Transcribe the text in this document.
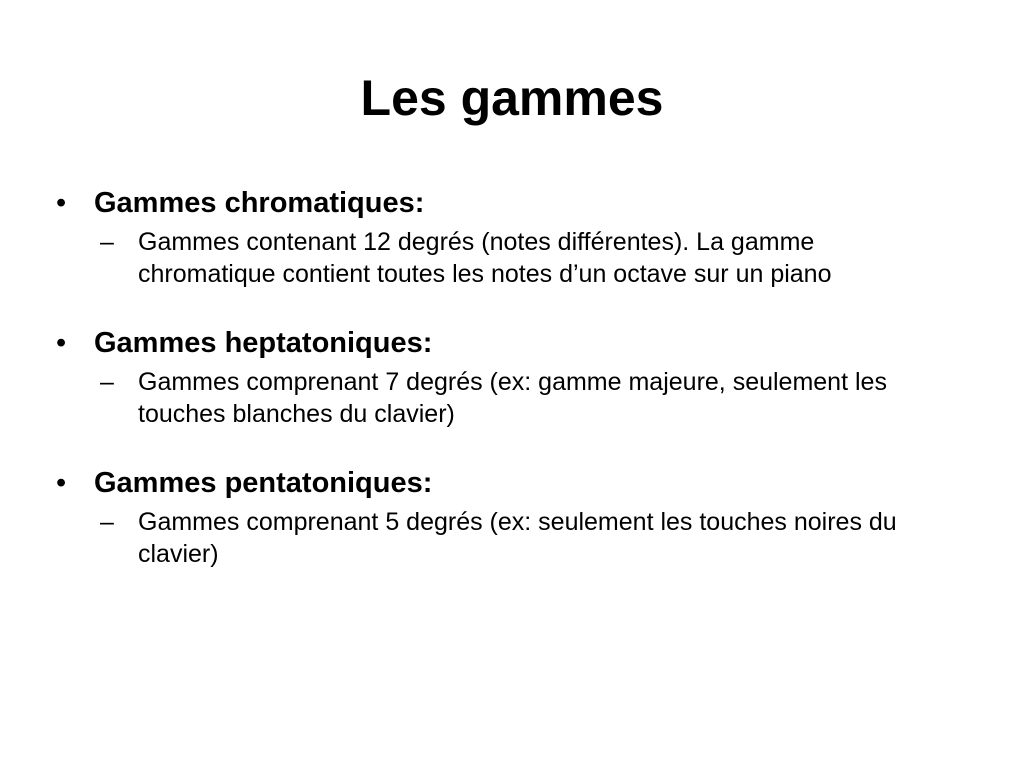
Les gammes
• Gammes chromatiques:
– Gammes contenant 12 degrés (notes différentes). La gamme chromatique contient toutes les notes d’un octave sur un piano
• Gammes heptatoniques:
– Gammes comprenant 7 degrés (ex: gamme majeure, seulement les touches blanches du clavier)
• Gammes pentatoniques:
– Gammes comprenant 5 degrés (ex: seulement les touches noires du clavier)
